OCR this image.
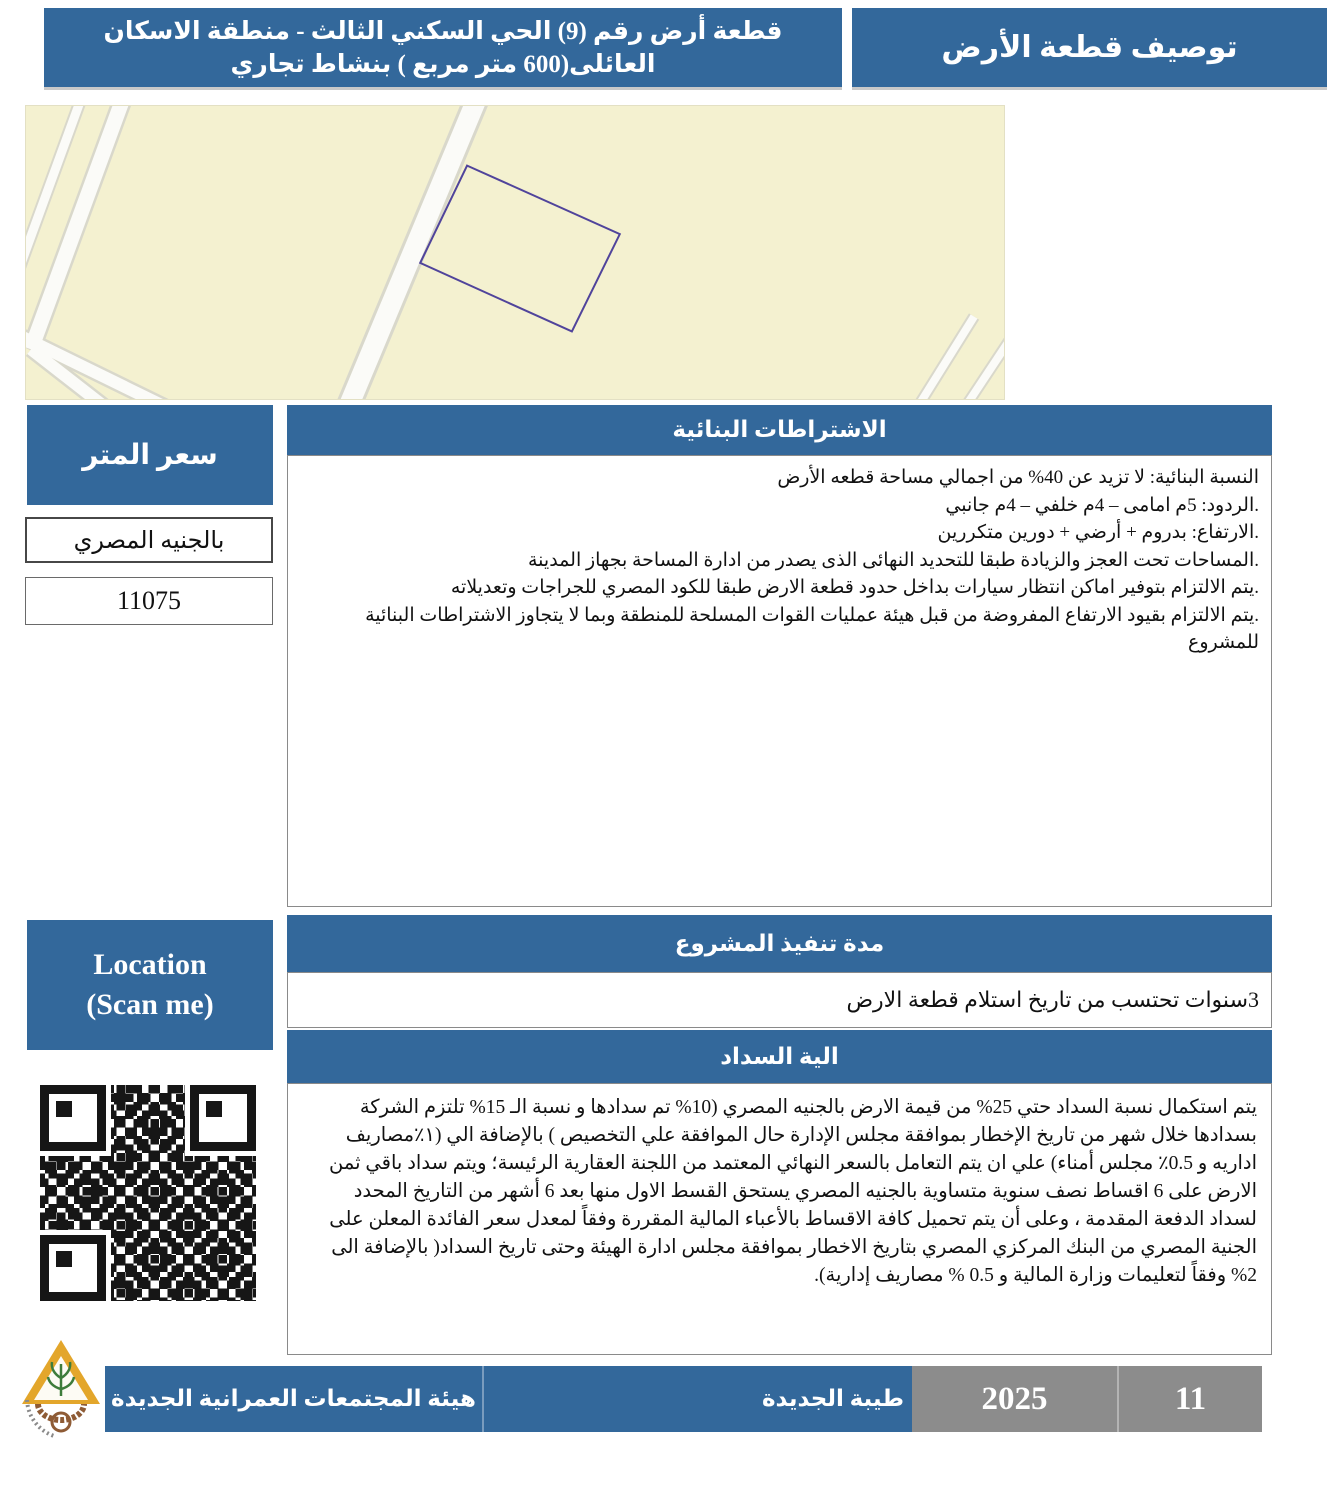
قطعة أرض رقم (9) الحي السكني الثالث - منطقة الاسكان العائلى(600 متر مربع ) بنشاط تجاري	توصيف قطعة الأرض
سعر المتر
بالجنيه المصري
11075
الاشتراطات البنائية
النسبة البنائية: لا تزيد عن 40% من اجمالي مساحة قطعه الأرض
.الردود: 5م امامى – 4م خلفي – 4م جانبي
.الارتفاع: بدروم + أرضي + دورين متكررين
.المساحات تحت العجز والزيادة طبقا للتحديد النهائى الذى يصدر من ادارة المساحة بجهاز المدينة
.يتم الالتزام بتوفير اماكن انتظار سيارات بداخل حدود قطعة الارض طبقا للكود المصري للجراجات وتعديلاته
.يتم الالتزام بقيود الارتفاع المفروضة من قبل هيئة عمليات القوات المسلحة للمنطقة وبما لا يتجاوز الاشتراطات البنائية للمشروع
مدة تنفيذ المشروع
3سنوات تحتسب من تاريخ استلام قطعة الارض
الية السداد
يتم استكمال نسبة السداد حتي 25% من قيمة الارض بالجنيه المصري (10% تم سدادها و نسبة الـ 15% تلتزم الشركة بسدادها خلال شهر من تاريخ الإخطار بموافقة مجلس الإدارة حال الموافقة علي التخصيص ) بالإضافة الي (١٪مصاريف اداريه و 0.5٪ مجلس أمناء) علي ان يتم التعامل بالسعر النهائي المعتمد من اللجنة العقارية الرئيسة؛ ويتم سداد باقي ثمن الارض على 6 اقساط نصف سنوية متساوية بالجنيه المصري يستحق القسط الاول منها بعد 6 أشهر من التاريخ المحدد لسداد الدفعة المقدمة ، وعلى أن يتم تحميل كافة الاقساط بالأعباء المالية المقررة وفقاً لمعدل سعر الفائدة المعلن على الجنية المصري من البنك المركزي المصري بتاريخ الاخطار بموافقة مجلس ادارة الهيئة وحتى تاريخ السداد( بالإضافة الى 2% وفقاً لتعليمات وزارة المالية و 0.5 % مصاريف إدارية).
Location
(Scan me)
هيئة المجتمعات العمرانية الجديدة	طيبة الجديدة	2025	11
